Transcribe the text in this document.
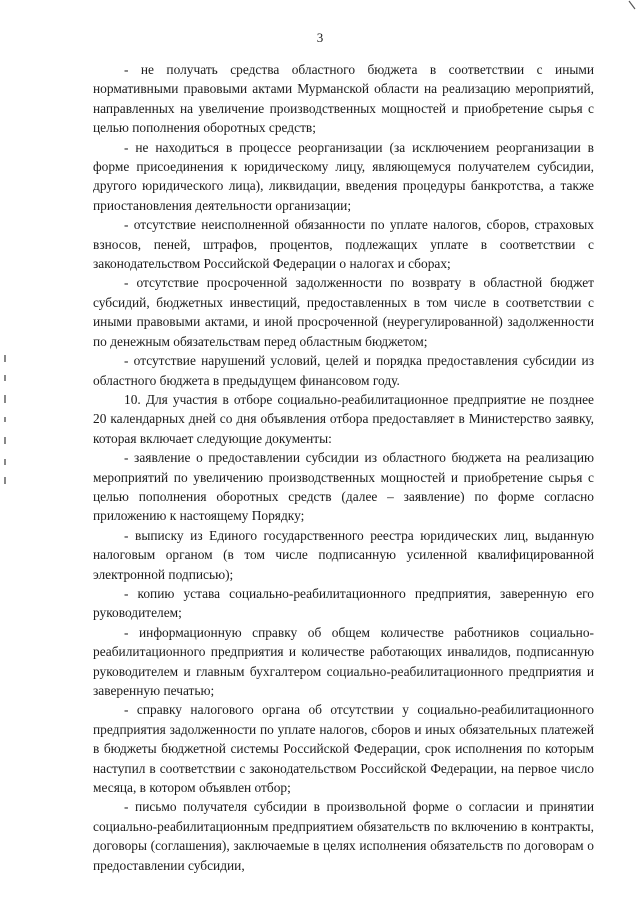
3

- не получать средства областного бюджета в соответствии с иными нормативными правовыми актами Мурманской области на реализацию мероприятий, направленных на увеличение производственных мощностей и приобретение сырья с целью пополнения оборотных средств;

- не находиться в процессе реорганизации (за исключением реорганизации в форме присоединения к юридическому лицу, являющемуся получателем субсидии, другого юридического лица), ликвидации, введения процедуры банкротства, а также приостановления деятельности организации;

- отсутствие неисполненной обязанности по уплате налогов, сборов, страховых взносов, пеней, штрафов, процентов, подлежащих уплате в соответствии с законодательством Российской Федерации о налогах и сборах;

- отсутствие просроченной задолженности по возврату в областной бюджет субсидий, бюджетных инвестиций, предоставленных в том числе в соответствии с иными правовыми актами, и иной просроченной (неурегулированной) задолженности по денежным обязательствам перед областным бюджетом;

- отсутствие нарушений условий, целей и порядка предоставления субсидии из областного бюджета в предыдущем финансовом году.

10. Для участия в отборе социально-реабилитационное предприятие не позднее 20 календарных дней со дня объявления отбора предоставляет в Министерство заявку, которая включает следующие документы:

- заявление о предоставлении субсидии из областного бюджета на реализацию мероприятий по увеличению производственных мощностей и приобретение сырья с целью пополнения оборотных средств (далее – заявление) по форме согласно приложению к настоящему Порядку;

- выписку из Единого государственного реестра юридических лиц, выданную налоговым органом (в том числе подписанную усиленной квалифицированной электронной подписью);

- копию устава социально-реабилитационного предприятия, заверенную его руководителем;

- информационную справку об общем количестве работников социально-реабилитационного предприятия и количестве работающих инвалидов, подписанную руководителем и главным бухгалтером социально-реабилитационного предприятия и заверенную печатью;

- справку налогового органа об отсутствии у социально-реабилитационного предприятия задолженности по уплате налогов, сборов и иных обязательных платежей в бюджеты бюджетной системы Российской Федерации, срок исполнения по которым наступил в соответствии с законодательством Российской Федерации, на первое число месяца, в котором объявлен отбор;

- письмо получателя субсидии в произвольной форме о согласии и принятии социально-реабилитационным предприятием обязательств по включению в контракты, договоры (соглашения), заключаемые в целях исполнения обязательств по договорам о предоставлении субсидии,
